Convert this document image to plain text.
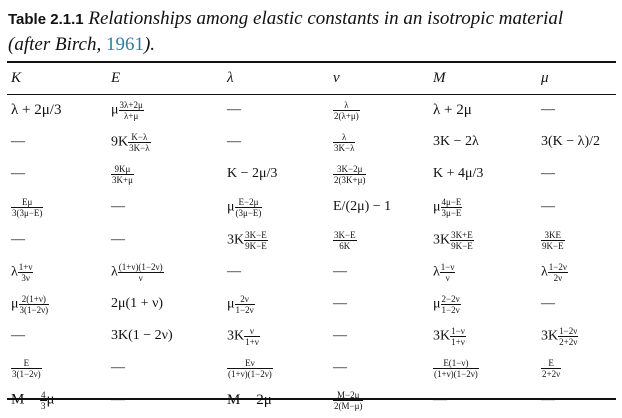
Table 2.1.1 Relationships among elastic constants in an isotropic material
(after Birch, 1961).
K	E	λ	ν	M	μ
λ + 2μ/3	μ $\frac{3\lambda+2\mu}{\lambda+\mu}$	—	$\frac{\lambda}{2(\lambda+\mu)}$	λ + 2μ	—
—	$9K \frac{K-\lambda}{3K-\lambda}$	—	$\frac{\lambda}{3K-\lambda}$	3K − 2λ	3(K − λ)/2
—	$\frac{9K\mu}{3K+\mu}$	K − 2μ/3	$\frac{3K-2\mu}{2(3K+\mu)}$	K + 4μ/3	—

$\frac{E\mu}{3(3\mu-E)}$	—	μ $\frac{E-2\mu}{(3\mu-E)}$	E/(2μ) − 1	μ $\frac{4\mu-E}{3\mu-E}$	—
—	—	$3K \frac{3K-E}{9K-E}$	$\frac{3K-E}{6K}$	$3K \frac{3K+E}{9K-E}$	$\frac{3KE}{9K-E}$

λ $\frac{1+\nu}{3\nu}$	λ $\frac{(1+\nu)(1-2\nu)}{\nu}$	—	—	λ $\frac{1-\nu}{\nu}$	λ $\frac{1-2\nu}{2\nu}$

μ $\frac{2(1+\nu)}{3(1-2\nu)}$	2μ(1 + ν)	μ $\frac{2\nu}{1-2\nu}$	—	μ $\frac{2-2\nu}{1-2\nu}$	—
—	3K(1 − 2ν)	$3K \frac{\nu}{1+\nu}$	—	$3K \frac{1-\nu}{1+\nu}$	$3K \frac{1-2\nu}{2+2\nu}$

$\frac{E}{3(1-2\nu)}$	—	$\frac{E\nu}{(1+\nu)(1-2\nu)}$	—	$\frac{E(1-\nu)}{(1+\nu)(1-2\nu)}$	$\frac{E}{2+2\nu}$

$M - \frac{4}{3}$ μ	—	M − 2μ	$\frac{M-2\mu}{2(M-\mu)}$	—	—
